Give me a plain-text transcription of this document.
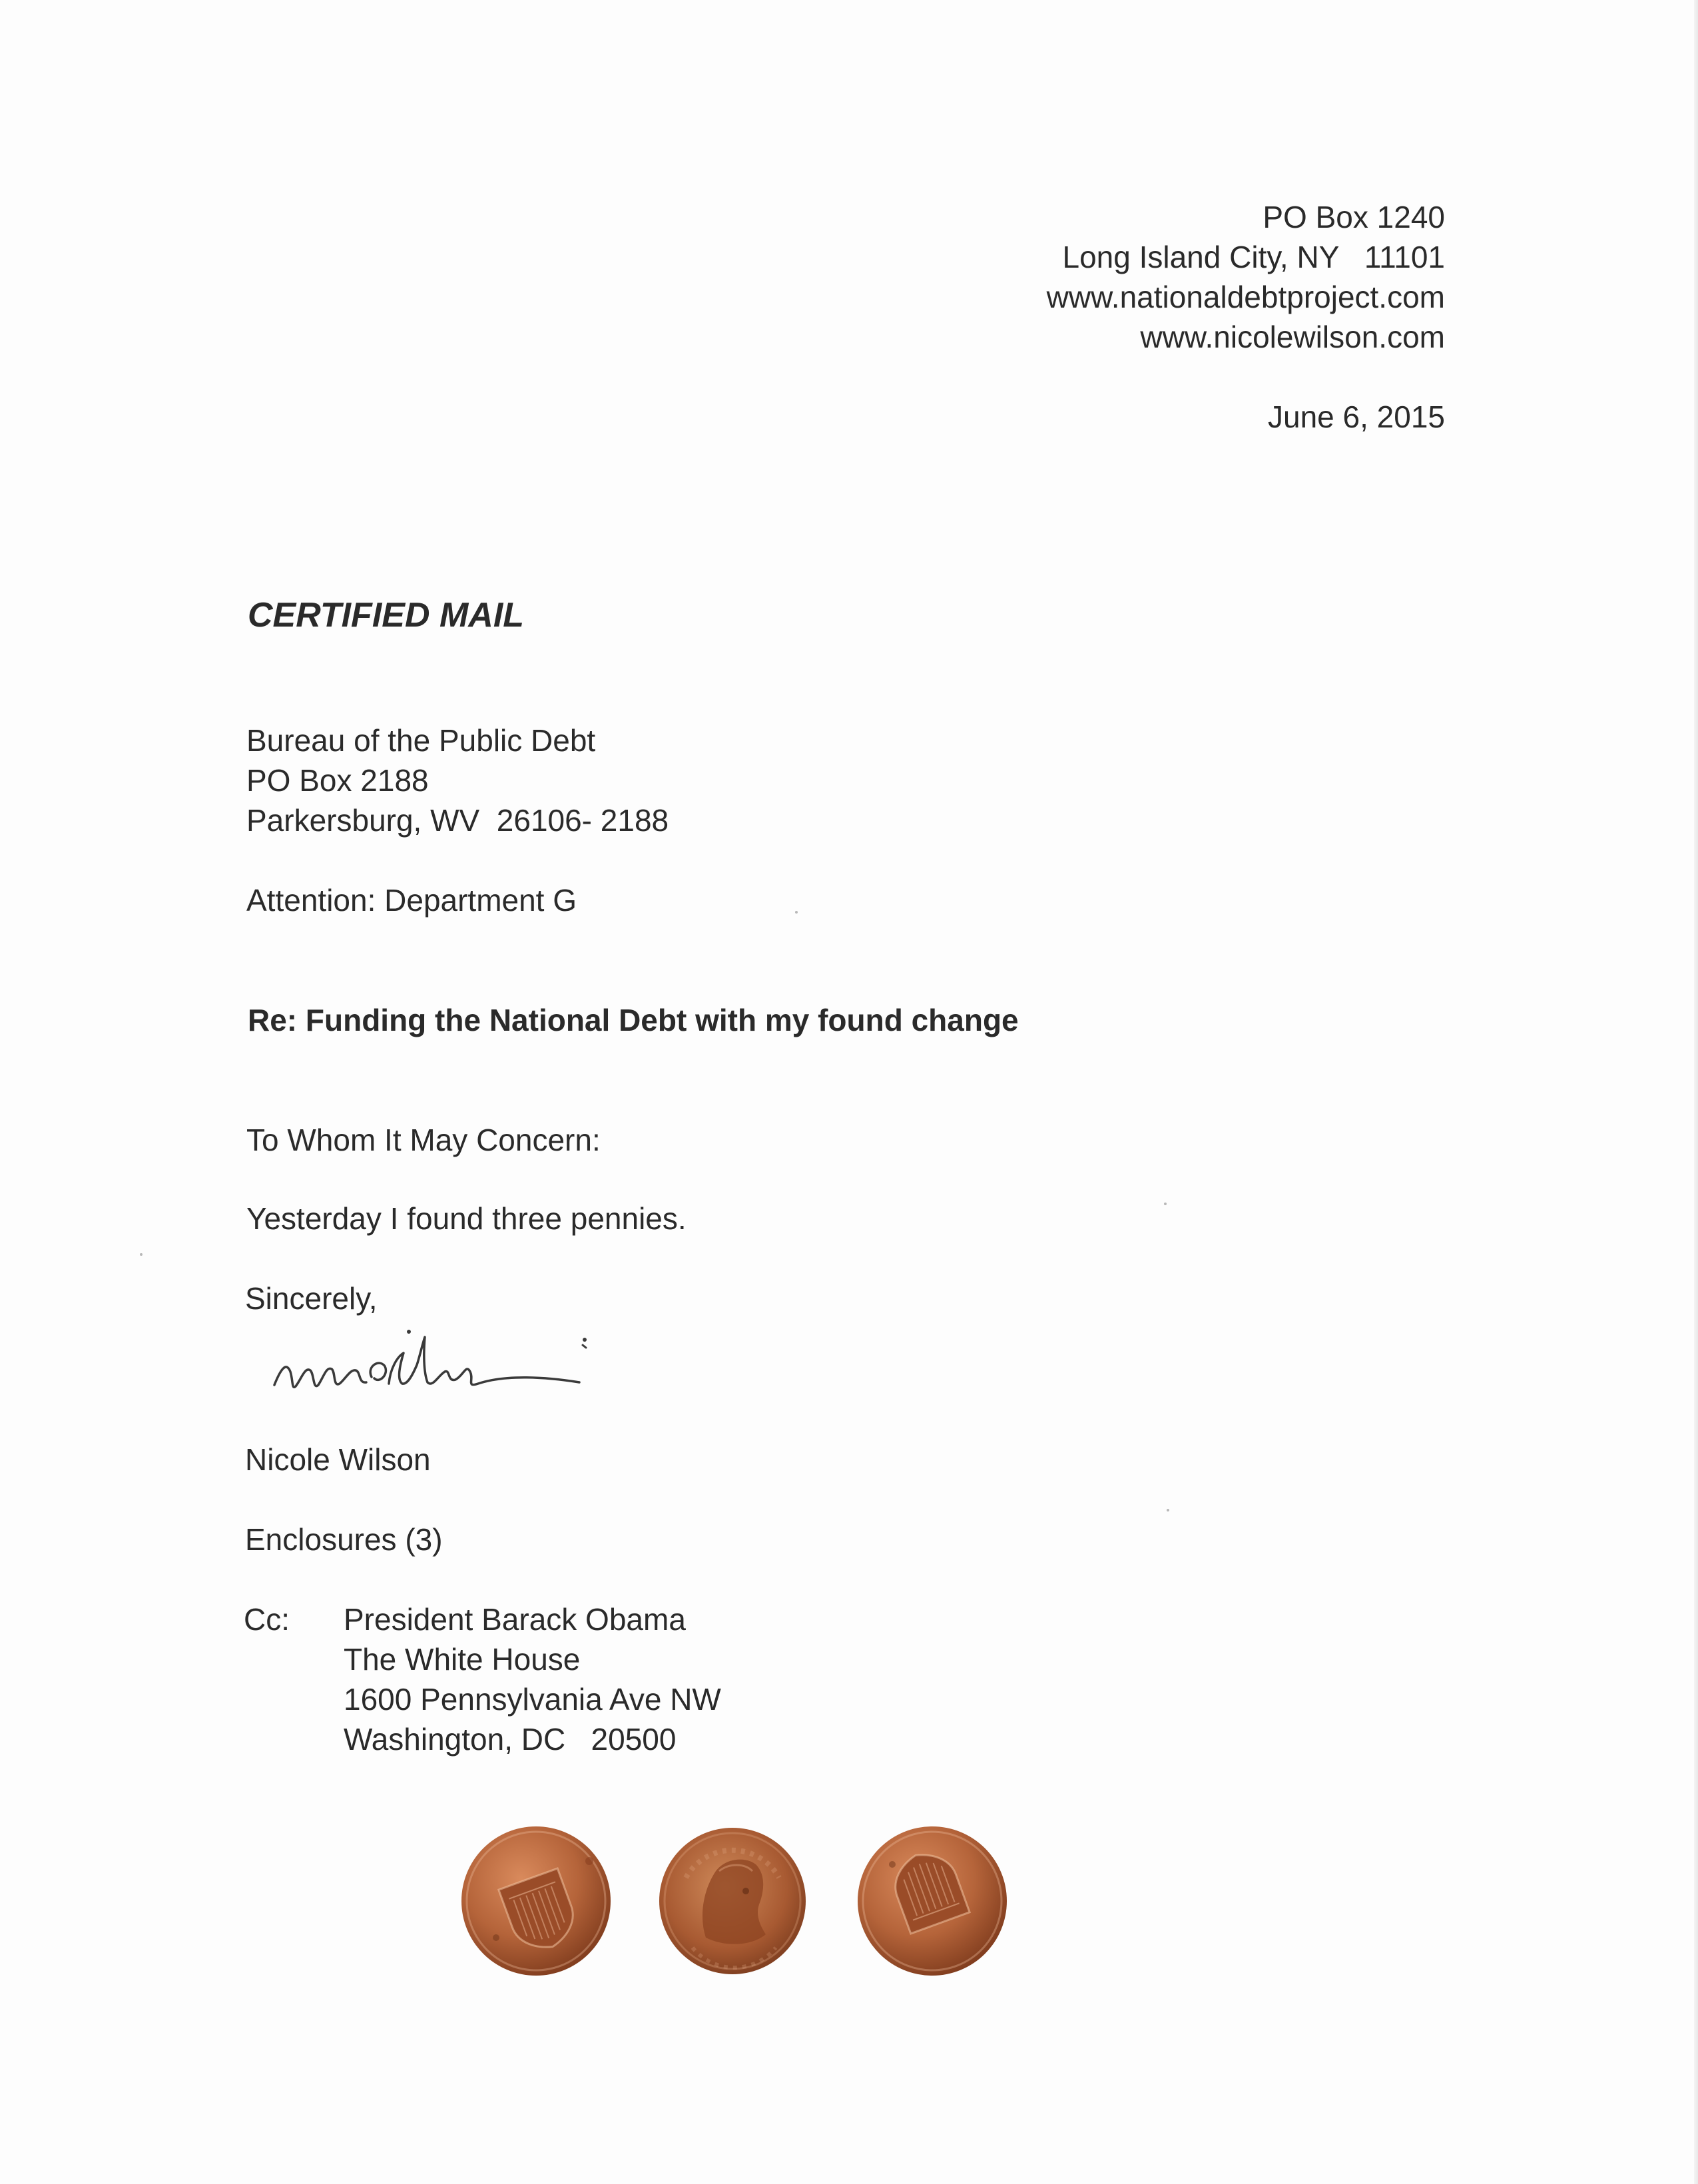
PO Box 1240
Long Island City, NY   11101
www.nationaldebtproject.com
www.nicolewilson.com
June 6, 2015
CERTIFIED MAIL
Bureau of the Public Debt
PO Box 2188
Parkersburg, WV  26106- 2188
Attention: Department G
Re: Funding the National Debt with my found change
To Whom It May Concern:
Yesterday I found three pennies.
Sincerely,
Nicole Wilson
Enclosures (3)
Cc: President Barack Obama
The White House
1600 Pennsylvania Ave NW
Washington, DC   20500
